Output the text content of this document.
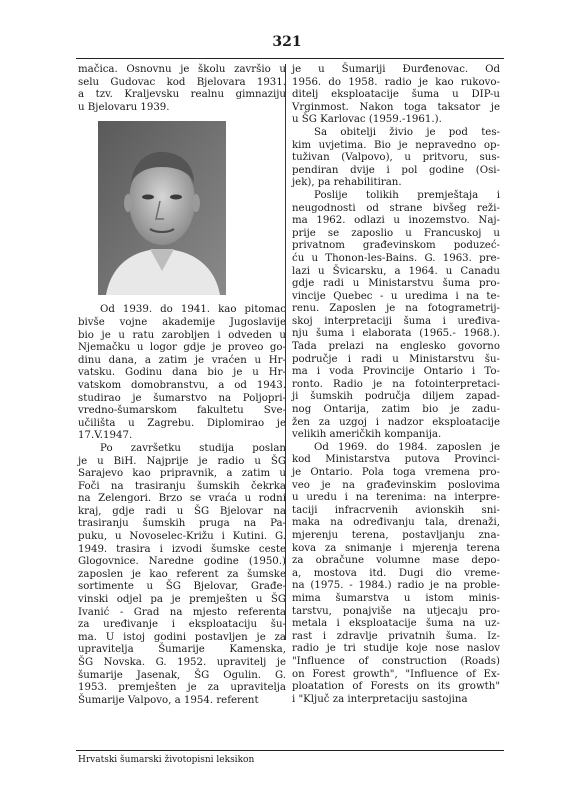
321
mačica. Osnovnu je školu završio u
selu Gudovac kod Bjelovara 1931.
a tzv. Kraljevsku realnu gimnaziju
u Bjelovaru 1939.
Od 1939. do 1941. kao pitomac
bivše vojne akademije Jugoslavije
bio je u ratu zarobljen i odveden u
Njemačku u logor gdje je proveo go-
dinu dana, a zatim je vraćen u Hr-
vatsku. Godinu dana bio je u Hr-
vatskom domobranstvu, a od 1943.
studirao je šumarstvo na Poljopri-
vredno-šumarskom fakultetu Sve-
učilišta u Zagrebu. Diplomirao je
17.V.1947.
Po završetku studija poslan
je u BiH. Najprije je radio u ŠG
Sarajevo kao pripravnik, a zatim u
Foči na trasiranju šumskih čekrka
na Zelengori. Brzo se vraća u rodni
kraj, gdje radi u ŠG Bjelovar na
trasiranju šumskih pruga na Pa-
puku, u Novoselec-Križu i Kutini. G.
1949. trasira i izvodi šumske ceste
Glogovnice. Naredne godine (1950.)
zaposlen je kao referent za šumske
sortimente u ŠG Bjelovar, Građe-
vinski odjel pa je premješten u ŠG
Ivanić - Grad na mjesto referenta
za uređivanje i eksploataciju šu-
ma. U istoj godini postavljen je za
upravitelja Šumarije Kamenska,
ŠG Novska. G. 1952. upravitelj je
šumarije Jasenak, ŠG Ogulin. G.
1953. premješten je za upravitelja
Šumarije Valpovo, a 1954. referent
je u Šumariji Đurđenovac. Od
1956. do 1958. radio je kao rukovo-
ditelj eksploatacije šuma u DIP-u
Vrginmost. Nakon toga taksator je
u ŠG Karlovac (1959.-1961.).
Sa obitelji živio je pod tes-
kim uvjetima. Bio je nepravedno op-
tuživan (Valpovo), u pritvoru, sus-
pendiran dvije i pol godine (Osi-
jek), pa rehabilitiran.
Poslije tolikih premještaja i
neugodnosti od strane bivšeg reži-
ma 1962. odlazi u inozemstvo. Naj-
prije se zaposlio u Francuskoj u
privatnom građevinskom poduzeć-
ću u Thonon-les-Bains. G. 1963. pre-
lazi u Švicarsku, a 1964. u Canadu
gdje radi u Ministarstvu šuma pro-
vincije Quebec - u uredima i na te-
renu. Zaposlen je na fotogrametrij-
skoj interpretaciji šuma i uređiva-
nju šuma i elaborata (1965.- 1968.).
Tada prelazi na englesko govorno
područje i radi u Ministarstvu šu-
ma i voda Provincije Ontario i To-
ronto. Radio je na fotointerpretaci-
ji šumskih područja diljem zapad-
nog Ontarija, zatim bio je zadu-
žen za uzgoj i nadzor eksploatacije
velikih američkih kompanija.
Od 1969. do 1984. zaposlen je
kod Ministarstva putova Provinci-
je Ontario. Pola toga vremena pro-
veo je na građevinskim poslovima
u uredu i na terenima: na interpre-
taciji infracrvenih avionskih sni-
maka na određivanju tala, drenaži,
mjerenju terena, postavljanju zna-
kova za snimanje i mjerenja terena
za obračune volumne mase depo-
a, mostova itd. Dugi dio vreme-
na (1975. - 1984.) radio je na proble-
mima šumarstva u istom minis-
tarstvu, ponajviše na utjecaju pro-
metala i eksploatacije šuma na uz-
rast i zdravlje privatnih šuma. Iz-
radio je tri studije koje nose naslov
"Influence of construction (Roads)
on Forest growth", "Influence of Ex-
ploatation of Forests on its growth"
i "Ključ za interpretaciju sastojina
Hrvatski šumarski životopisni leksikon
